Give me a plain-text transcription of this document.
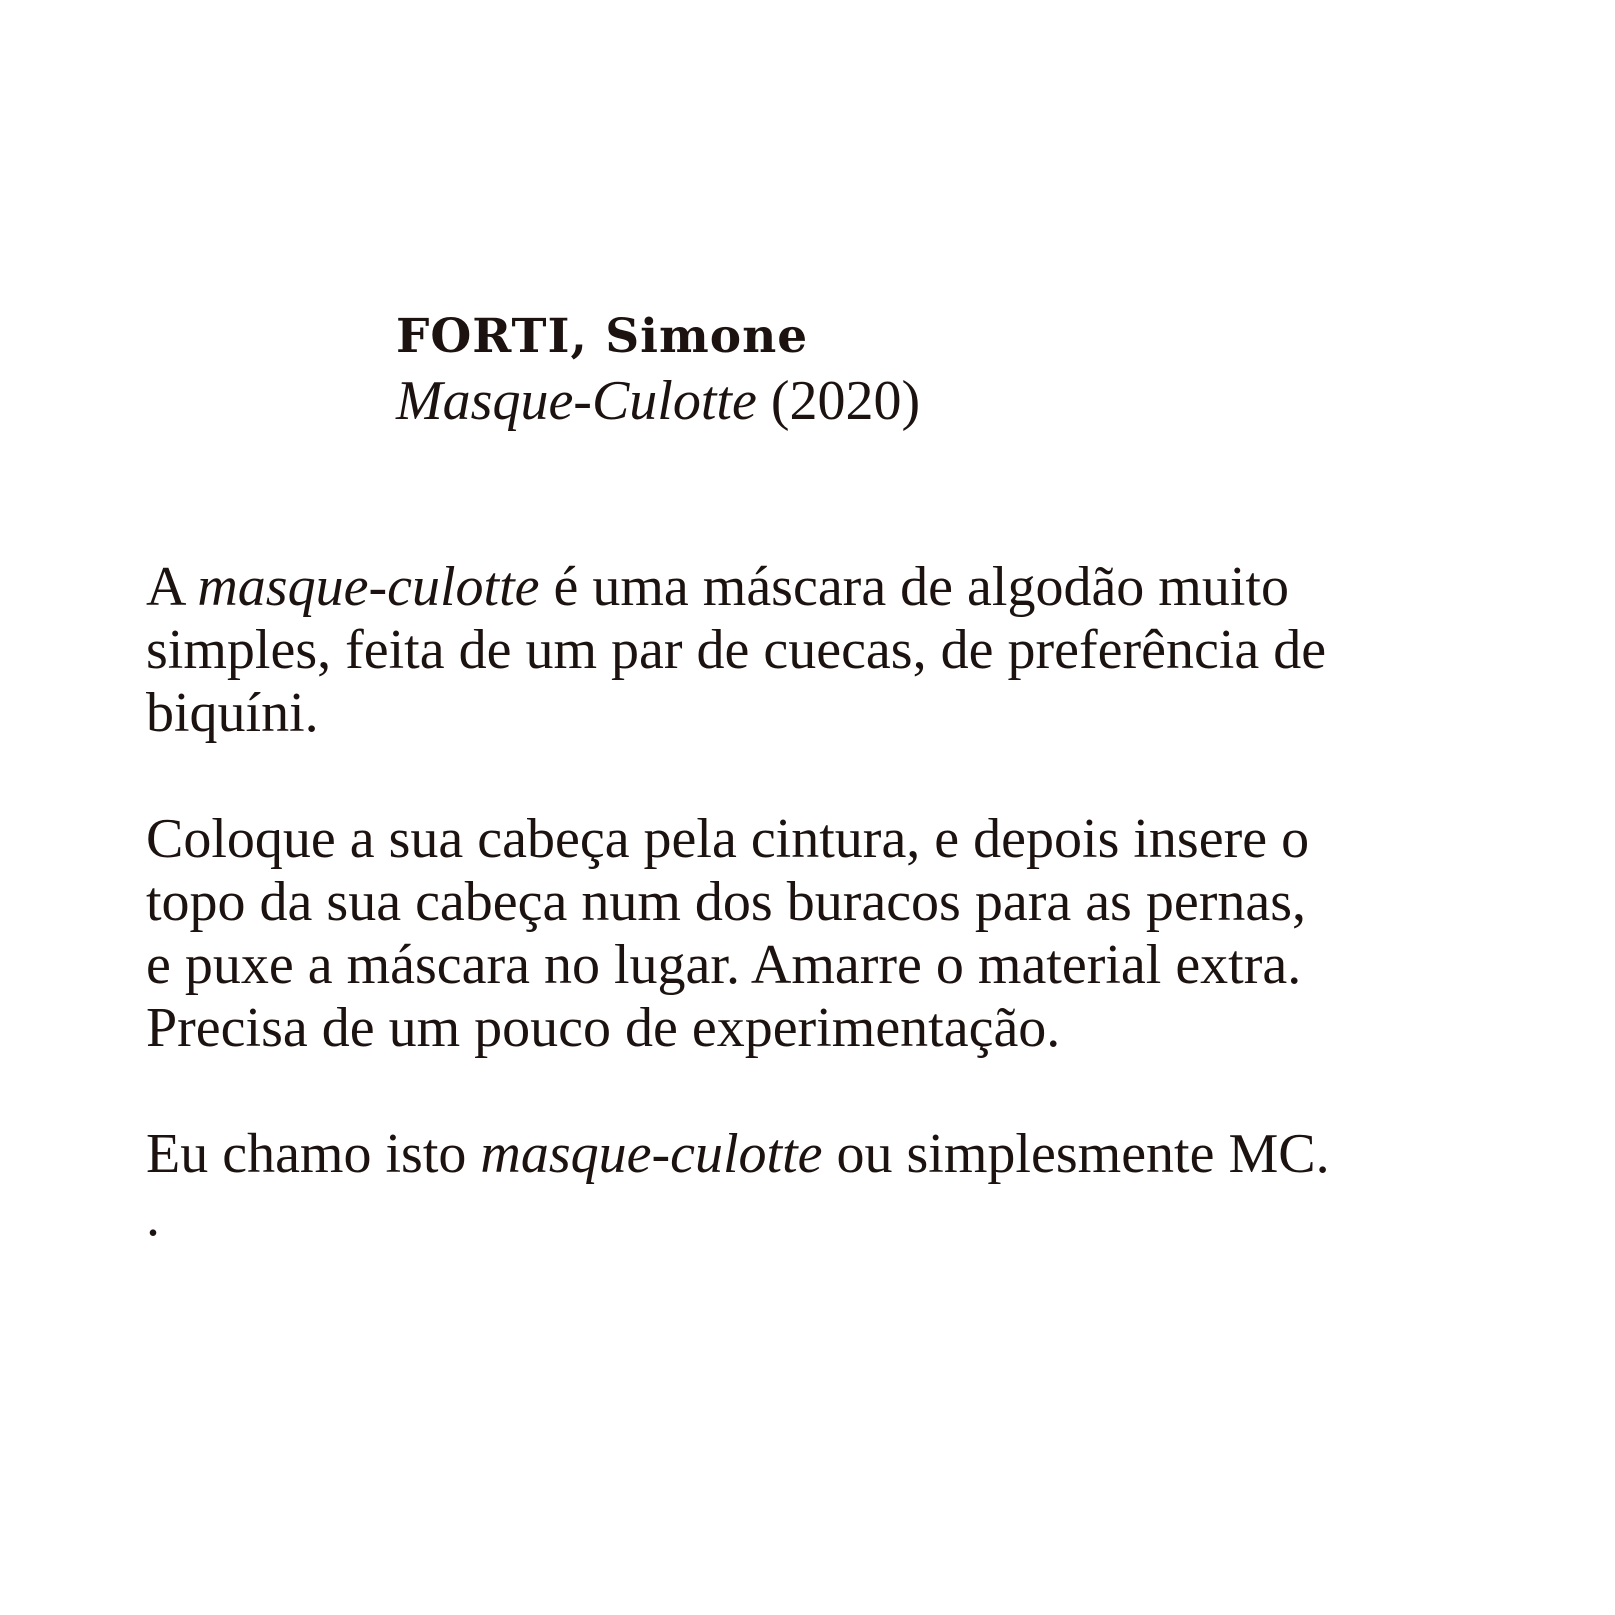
FORTI, Simone

Masque-Culotte (2020)

A masque-culotte é uma máscara de algodão muito
simples, feita de um par de cuecas, de preferência de
biquíni.

Coloque a sua cabeça pela cintura, e depois insere o
topo da sua cabeça num dos buracos para as pernas,
e puxe a máscara no lugar. Amarre o material extra.
Precisa de um pouco de experimentação.

Eu chamo isto masque-culotte ou simplesmente MC.
.
